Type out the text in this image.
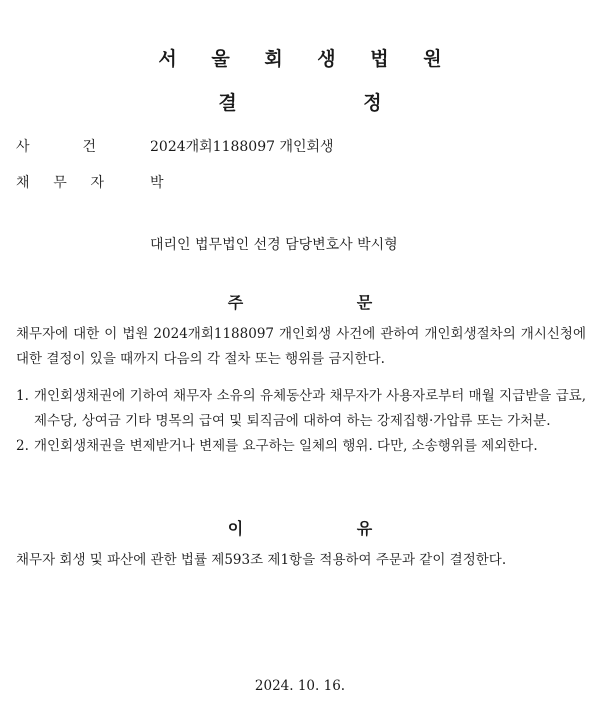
서 울 회 생 법 원
결 정
사	건	2024개회1188097 개인회생
채 무 자	박
대리인 법무법인 선경 담당변호사 박시형
주 문
채무자에 대한 이 법원 2024개회1188097 개인회생 사건에 관하여 개인회생절차의 개시신청에 대한 결정이 있을 때까지 다음의 각 절차 또는 행위를 금지한다.
1. 개인회생채권에 기하여 채무자 소유의 유체동산과 채무자가 사용자로부터 매월 지급받을 급료, 제수당, 상여금 기타 명목의 급여 및 퇴직금에 대하여 하는 강제집행·가압류 또는 가처분.
2. 개인회생채권을 변제받거나 변제를 요구하는 일체의 행위. 다만, 소송행위를 제외한다.
이 유
채무자 회생 및 파산에 관한 법률 제593조 제1항을 적용하여 주문과 같이 결정한다.
2024. 10. 16.
